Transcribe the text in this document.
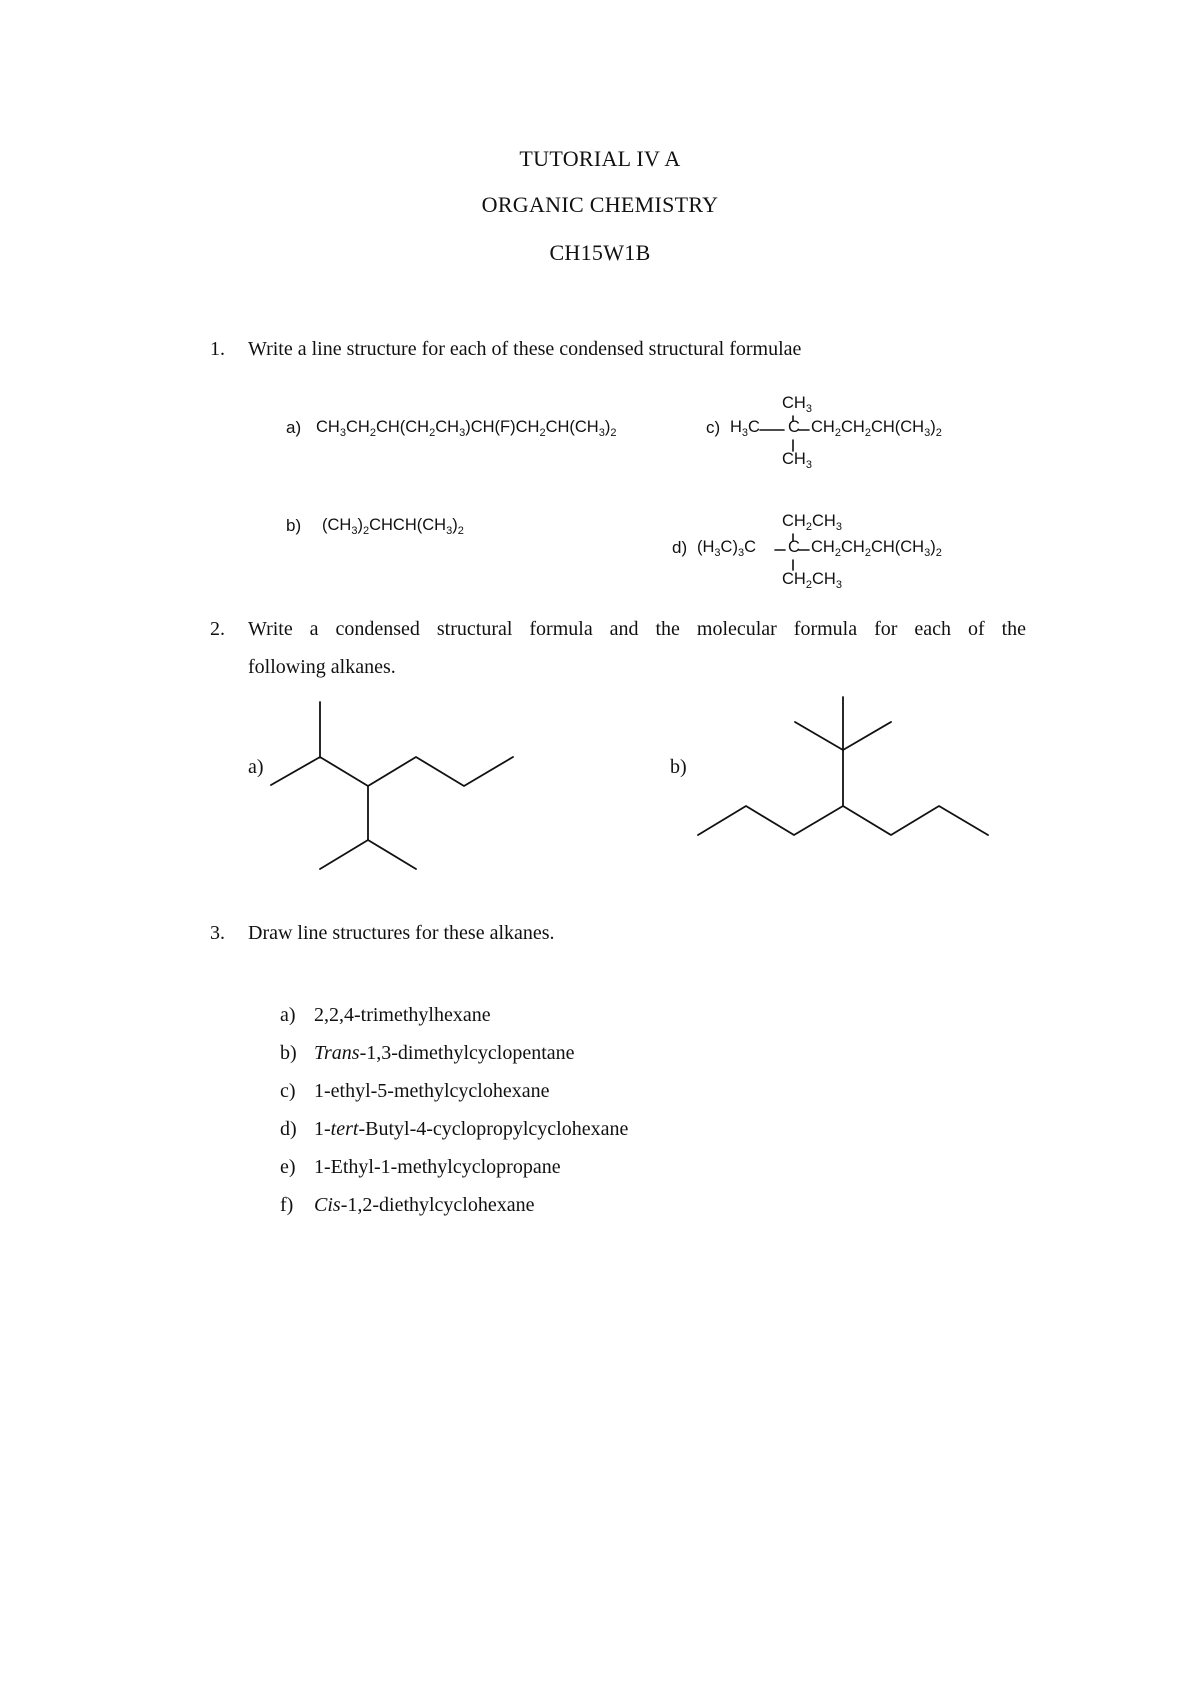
TUTORIAL IV A
ORGANIC CHEMISTRY
CH15W1B
1. Write a line structure for each of these condensed structural formulae
a) $CH_3CH_2CH(CH_2CH_3)CH(F)CH_2CH(CH_3)_2$
b) $(CH_3)_2CHCH(CH_3)_2$
c)
$CH_3$
$H_3C$ C $CH_2CH_2CH(CH_3)_2$
$CH_3$
d)
$CH_2CH_3$
$(H_3C)_3C$ C $CH_2CH_2CH(CH_3)_2$
$CH_2CH_3$
2. Write a condensed structural formula and the molecular formula for each of the
following alkanes.
a)	b)
3. Draw line structures for these alkanes.
a) 2,2,4-trimethylhexane
b) Trans-1,3-dimethylcyclopentane
c) 1-ethyl-5-methylcyclohexane
d) 1-tert-Butyl-4-cyclopropylcyclohexane
e) 1-Ethyl-1-methylcyclopropane
f) Cis-1,2-diethylcyclohexane
